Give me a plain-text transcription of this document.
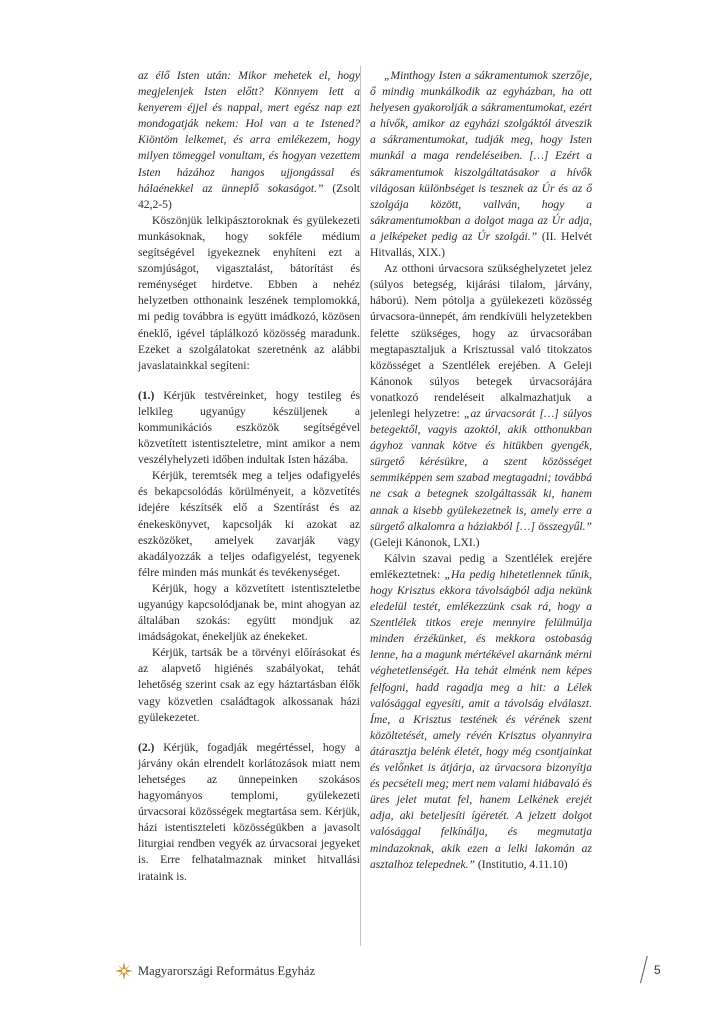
az élő Isten után: Mikor mehetek el, hogy megjelenjek Isten előtt? Könnyem lett a kenyerem éjjel és nappal, mert egész nap ezt mondogatják nekem: Hol van a te Istened? Kiöntöm lelkemet, és arra emlékezem, hogy milyen tömeggel vonultam, és hogyan vezettem Isten házához hangos ujjongással és hálaénekkel az ünneplő sokaságot.” (Zsolt 42,2-5)

Köszönjük lelkipásztoroknak és gyülekezeti munkásoknak, hogy sokféle médium segítségével igyekeznek enyhíteni ezt a szomjúságot, vigasztalást, bátorítást és reménységet hirdetve. Ebben a nehéz helyzetben otthonaink leszének templomokká, mi pedig továbbra is együtt imádkozó, közösen éneklő, igével táplálkozó közösség maradunk. Ezeket a szolgálatokat szeretnénk az alábbi javaslatainkkal segíteni:

(1.) Kérjük testvéreinket, hogy testileg és lelkileg ugyanúgy készüljenek a kommunikációs eszközök segítségével közvetített istentiszteletre, mint amikor a nem veszélyhelyzeti időben indultak Isten házába.

Kérjük, teremtsék meg a teljes odafigyelés és bekapcsolódás körülményeit, a közvetítés idejére készítsék elő a Szentírást és az énekeskönyvet, kapcsolják ki azokat az eszközöket, amelyek zavarják vagy akadályozzák a teljes odafigyelést, tegyenek félre minden más munkát és tevékenységet.

Kérjük, hogy a közvetített istentiszteletbe ugyanúgy kapcsolódjanak be, mint ahogyan az általában szokás: együtt mondjuk az imádságokat, énekeljük az énekeket.

Kérjük, tartsák be a törvényi előírásokat és az alapvető higiénés szabályokat, tehát lehetőség szerint csak az egy háztartásban élők vagy közvetlen családtagok alkossanak házi gyülekezetet.

(2.) Kérjük, fogadják megértéssel, hogy a járvány okán elrendelt korlátozások miatt nem lehetséges az ünnepeinken szokásos hagyományos templomi, gyülekezeti úrvacsorai közösségek megtartása sem. Kérjük, házi istentiszteleti közösségükben a javasolt liturgiai rendben vegyék az úrvacsorai jegyeket is. Erre felhatalmaznak minket hitvallási irataink is.

„Minthogy Isten a sákramentumok szerzője, ő mindig munkálkodik az egyházban, ha ott helyesen gyakorolják a sákramentumokat, ezért a hívők, amikor az egyházi szolgáktól átveszik a sákramentumokat, tudják meg, hogy Isten munkál a maga rendeléseiben. […] Ezért a sákramentumok kiszolgáltatásakor a hívők világosan különbséget is tesznek az Úr és az ő szolgája között, vallván, hogy a sákramentumokban a dolgot maga az Úr adja, a jelképeket pedig az Úr szolgái.” (II. Helvét Hitvallás, XIX.)

Az otthoni úrvacsora szükséghelyzetet jelez (súlyos betegség, kijárási tilalom, járvány, háború). Nem pótolja a gyülekezeti közösség úrvacsora-ünnepét, ám rendkívüli helyzetekben felette szükséges, hogy az úrvacsorában megtapasztaljuk a Krisztussal való titokzatos közösséget a Szentlélek erejében. A Geleji Kánonok súlyos betegek úrvacsorájára vonatkozó rendeléseit alkalmazhatjuk a jelenlegi helyzetre: „az úrvacsorát […] súlyos betegektől, vagyis azoktól, akik otthonukban ágyhoz vannak kötve és hitükben gyengék, sürgető kérésükre, a szent közösséget semmiképpen sem szabad megtagadni; továbbá ne csak a betegnek szolgáltassák ki, hanem annak a kisebb gyülekezetnek is, amely erre a sürgető alkalomra a háziakból […] összegyűl.” (Geleji Kánonok, LXI.)

Kálvin szavai pedig a Szentlélek erejére emlékeztetnek: „Ha pedig hihetetlennek tűnik, hogy Krisztus ekkora távolságból adja nekünk eledelül testét, emlékezzünk csak rá, hogy a Szentlélek titkos ereje mennyire felülmúlja minden érzékünket, és mekkora ostobaság lenne, ha a magunk mértékével akarnánk mérni véghetetlenségét. Ha tehát elménk nem képes felfogni, hadd ragadja meg a hit: a Lélek valósággal egyesíti, amit a távolság elválaszt. Íme, a Krisztus testének és vérének szent közöltetését, amely révén Krisztus olyannyira átárasztja belénk életét, hogy még csontjainkat és velőnket is átjárja, az úrvacsora bizonyítja és pecsételi meg; mert nem valami hiábavaló és üres jelet mutat fel, hanem Lelkének erejét adja, aki beteljesíti ígéretét. A jelzett dolgot valósággal felkínálja, és megmutatja mindazoknak, akik ezen a lelki lakomán az asztalhoz telepednek.” (Institutio, 4.11.10)

Magyarországi Református Egyház	5
